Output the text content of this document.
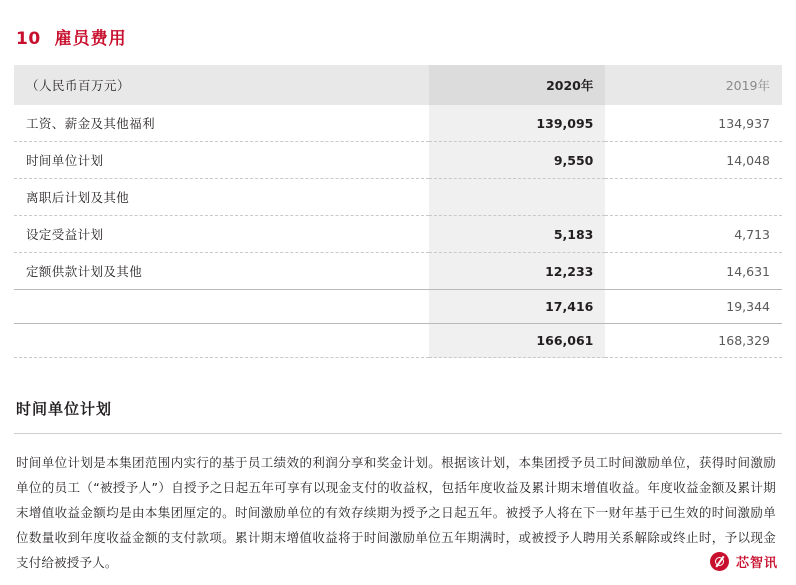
10 雇员费用
（人民币百万元）	2020年	2019年
工资、薪金及其他福利	139,095	134,937
时间单位计划	9,550	14,048
离职后计划及其他		
设定受益计划	5,183	4,713
定额供款计划及其他	12,233	14,631
	17,416	19,344
	166,061	168,329
时间单位计划

时间单位计划是本集团范围内实行的基于员工绩效的利润分享和奖金计划。根据该计划，本集团授予员工时间激励单位，获得时间激励单位的员工（“被授予人”）自授予之日起五年可享有以现金支付的收益权，包括年度收益及累计期末增值收益。年度收益金额及累计期末增值收益金额均是由本集团厘定的。时间激励单位的有效存续期为授予之日起五年。被授予人将在下一财年基于已生效的时间激励单位数量收到年度收益金额的支付款项。累计期末增值收益将于时间激励单位五年期满时，或被授予人聘用关系解除或终止时，予以现金支付给被授予人。	芯智讯
